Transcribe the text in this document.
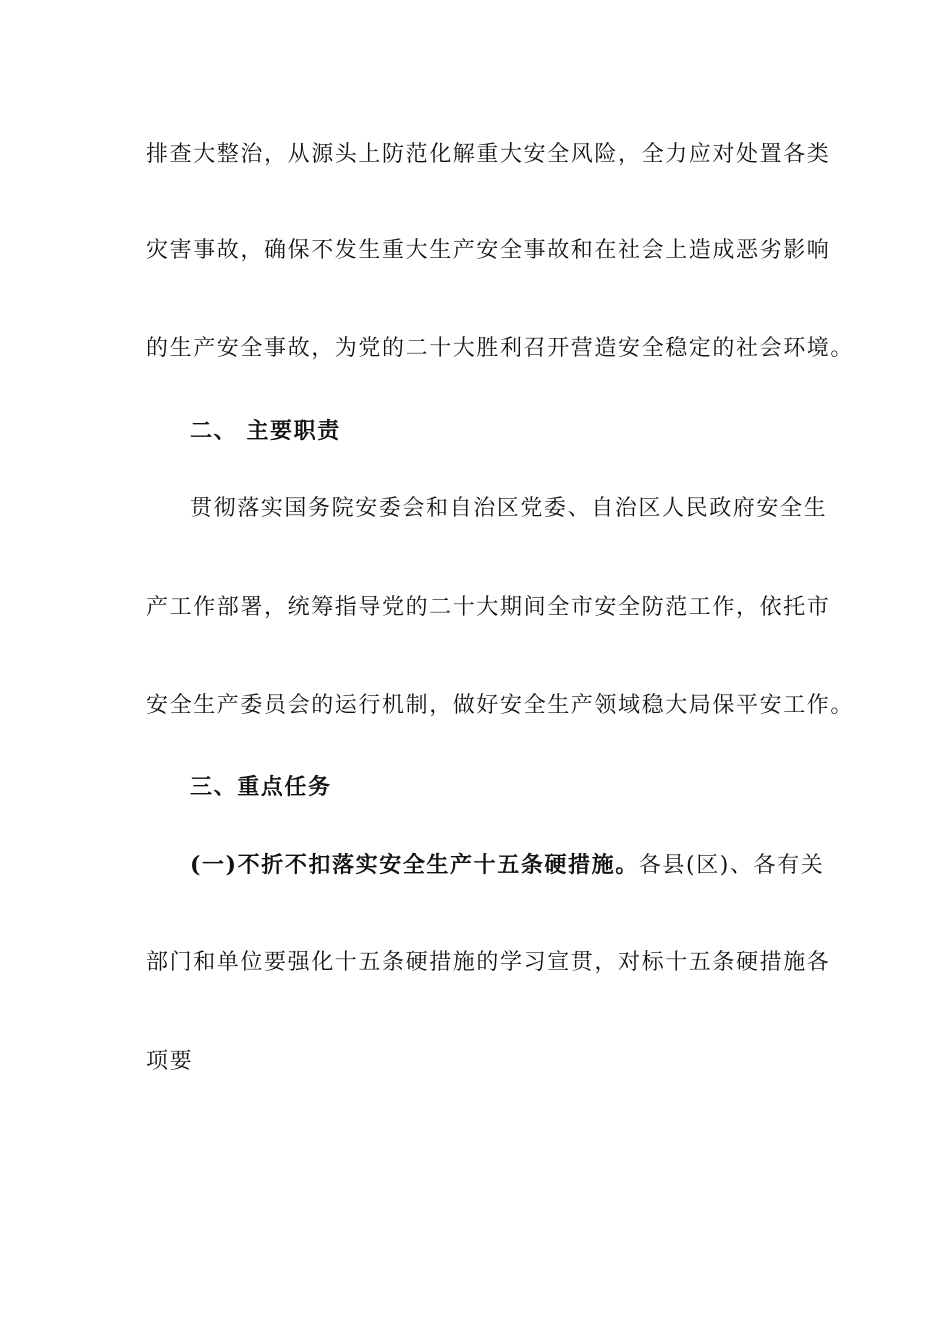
排查大整治，从源头上防范化解重大安全风险，全力应对处置各类
灾害事故，确保不发生重大生产安全事故和在社会上造成恶劣影响
的生产安全事故，为党的二十大胜利召开营造安全稳定的社会环境。
二、 主要职责
贯彻落实国务院安委会和自治区党委、自治区人民政府安全生
产工作部署，统筹指导党的二十大期间全市安全防范工作，依托市
安全生产委员会的运行机制，做好安全生产领域稳大局保平安工作。
三、重点任务
(一)不折不扣落实安全生产十五条硬措施。各县(区)、各有关
部门和单位要强化十五条硬措施的学习宣贯，对标十五条硬措施各
项要
